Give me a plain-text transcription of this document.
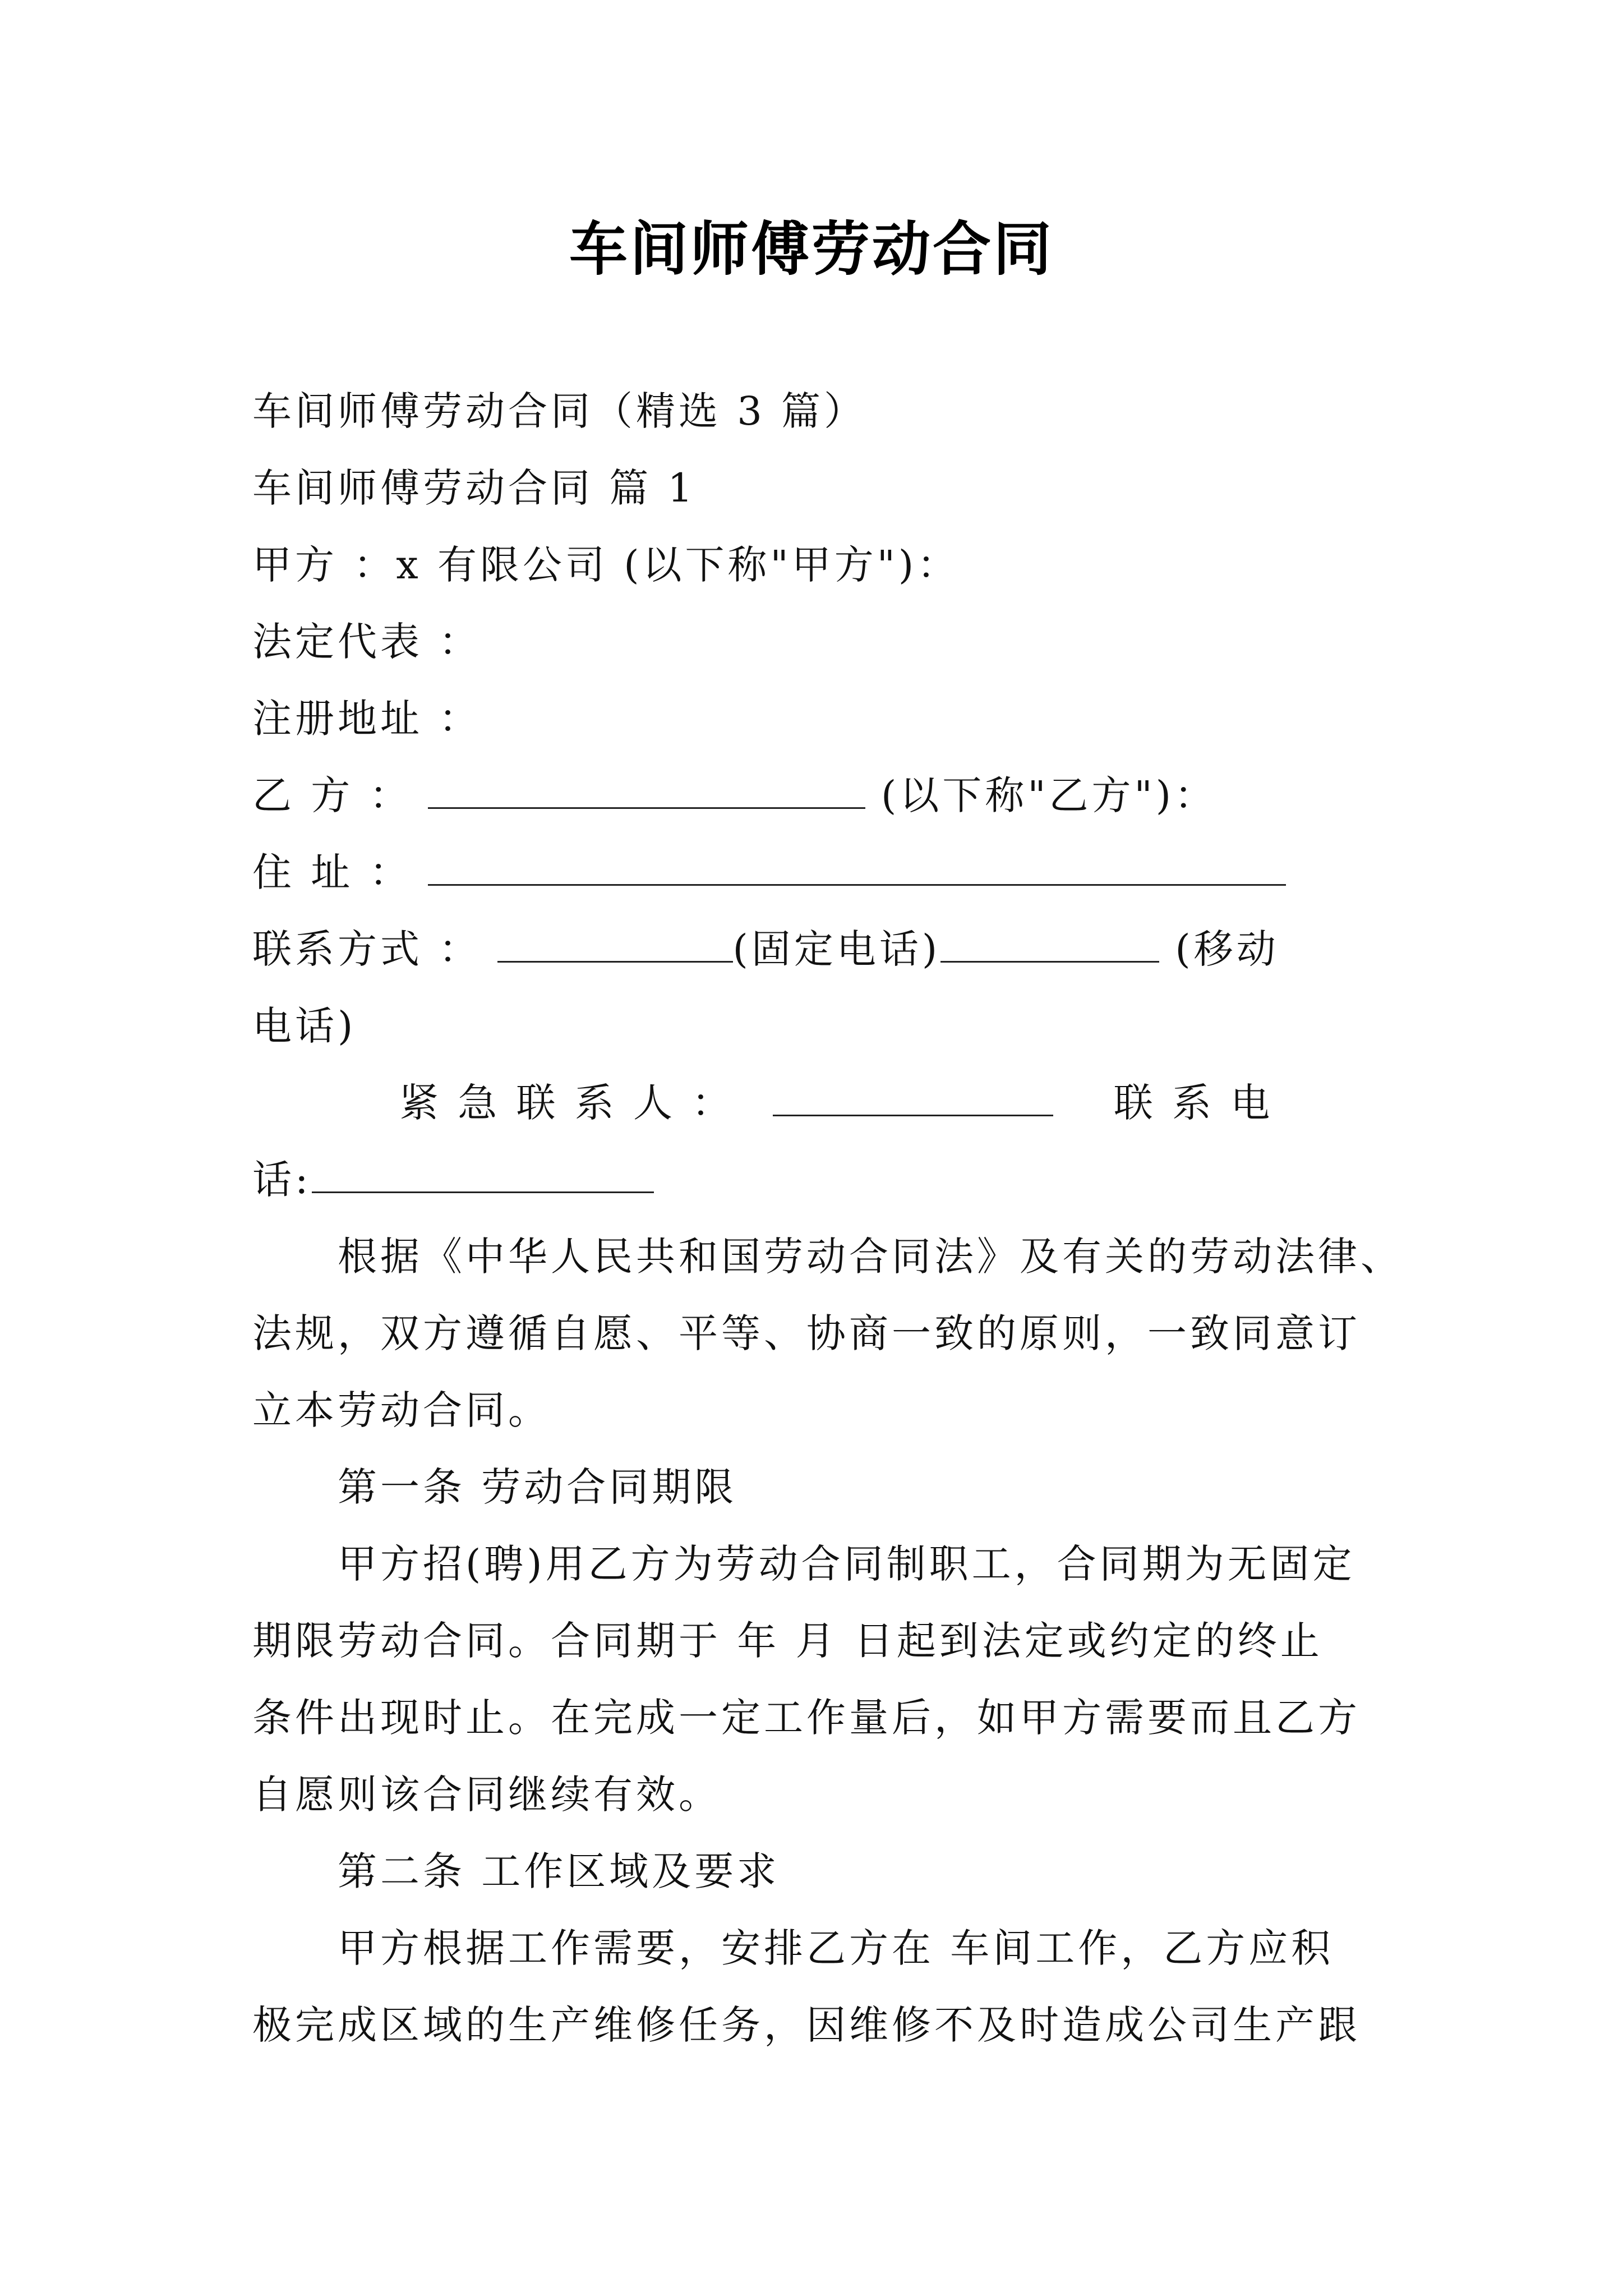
车间师傅劳动合同
车间师傅劳动合同（精选 3 篇）
车间师傅劳动合同 篇 1
甲方 ：x 有限公司 (以下称"甲方")：
法定代表 ：
注册地址 ：
乙 方 ：	(以下称"乙方")：
住 址 ：
联系方式 ：	(固定电话)	(移动
电话)
紧 急 联 系 人 ：	联 系 电
话:
根据《中华人民共和国劳动合同法》及有关的劳动法律、
法规，双方遵循自愿、平等、协商一致的原则，一致同意订
立本劳动合同。
第一条 劳动合同期限
甲方招(聘)用乙方为劳动合同制职工，合同期为无固定
期限劳动合同。合同期于 年 月 日起到法定或约定的终止
条件出现时止。在完成一定工作量后，如甲方需要而且乙方
自愿则该合同继续有效。
第二条 工作区域及要求
甲方根据工作需要，安排乙方在 车间工作，乙方应积
极完成区域的生产维修任务，因维修不及时造成公司生产跟
